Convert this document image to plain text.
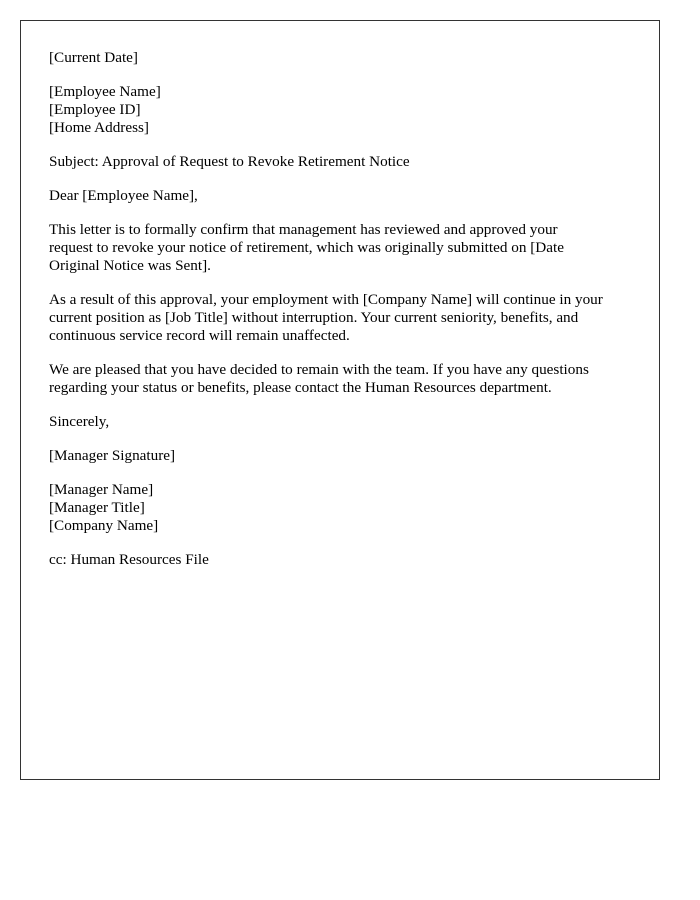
[Current Date]
[Employee Name]
[Employee ID]
[Home Address]
Subject: Approval of Request to Revoke Retirement Notice
Dear [Employee Name],

This letter is to formally confirm that management has reviewed and approved your
request to revoke your notice of retirement, which was originally submitted on [Date
Original Notice was Sent].

As a result of this approval, your employment with [Company Name] will continue in your
current position as [Job Title] without interruption. Your current seniority, benefits, and
continuous service record will remain unaffected.

We are pleased that you have decided to remain with the team. If you have any questions
regarding your status or benefits, please contact the Human Resources department.

Sincerely,
[Manager Signature]
[Manager Name]
[Manager Title]
[Company Name]
cc: Human Resources File
